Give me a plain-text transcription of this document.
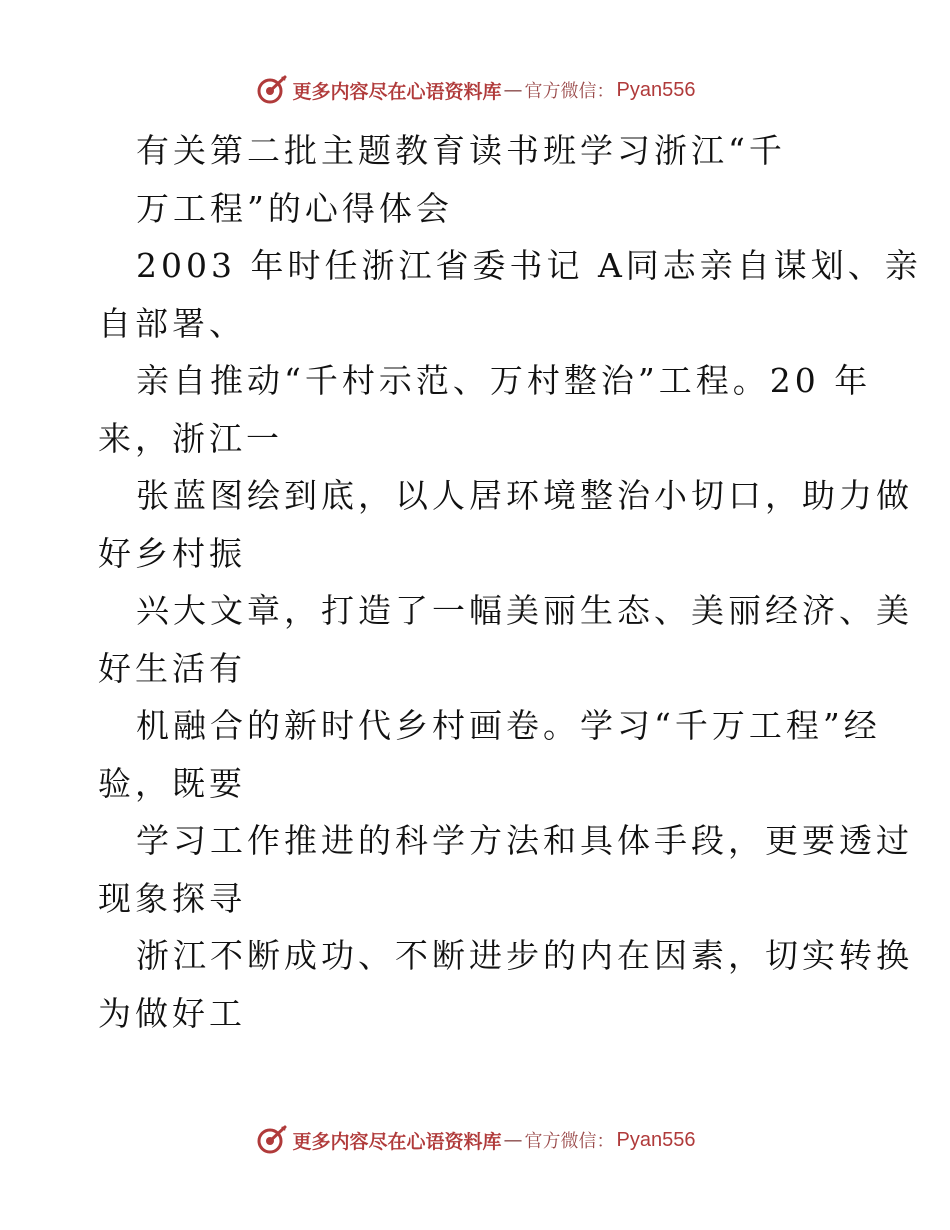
更多内容尽在心语资料库 — 官方微信： Pyan556
有关第二批主题教育读书班学习浙江“千
万工程”的心得体会
2003 年时任浙江省委书记 A同志亲自谋划、亲
自部署、
亲自推动“千村示范、万村整治”工程。20 年
来，浙江一
张蓝图绘到底，以人居环境整治小切口，助力做
好乡村振
兴大文章，打造了一幅美丽生态、美丽经济、美
好生活有
机融合的新时代乡村画卷。学习“千万工程”经
验，既要
学习工作推进的科学方法和具体手段，更要透过
现象探寻
浙江不断成功、不断进步的内在因素，切实转换
为做好工
更多内容尽在心语资料库 — 官方微信： Pyan556
